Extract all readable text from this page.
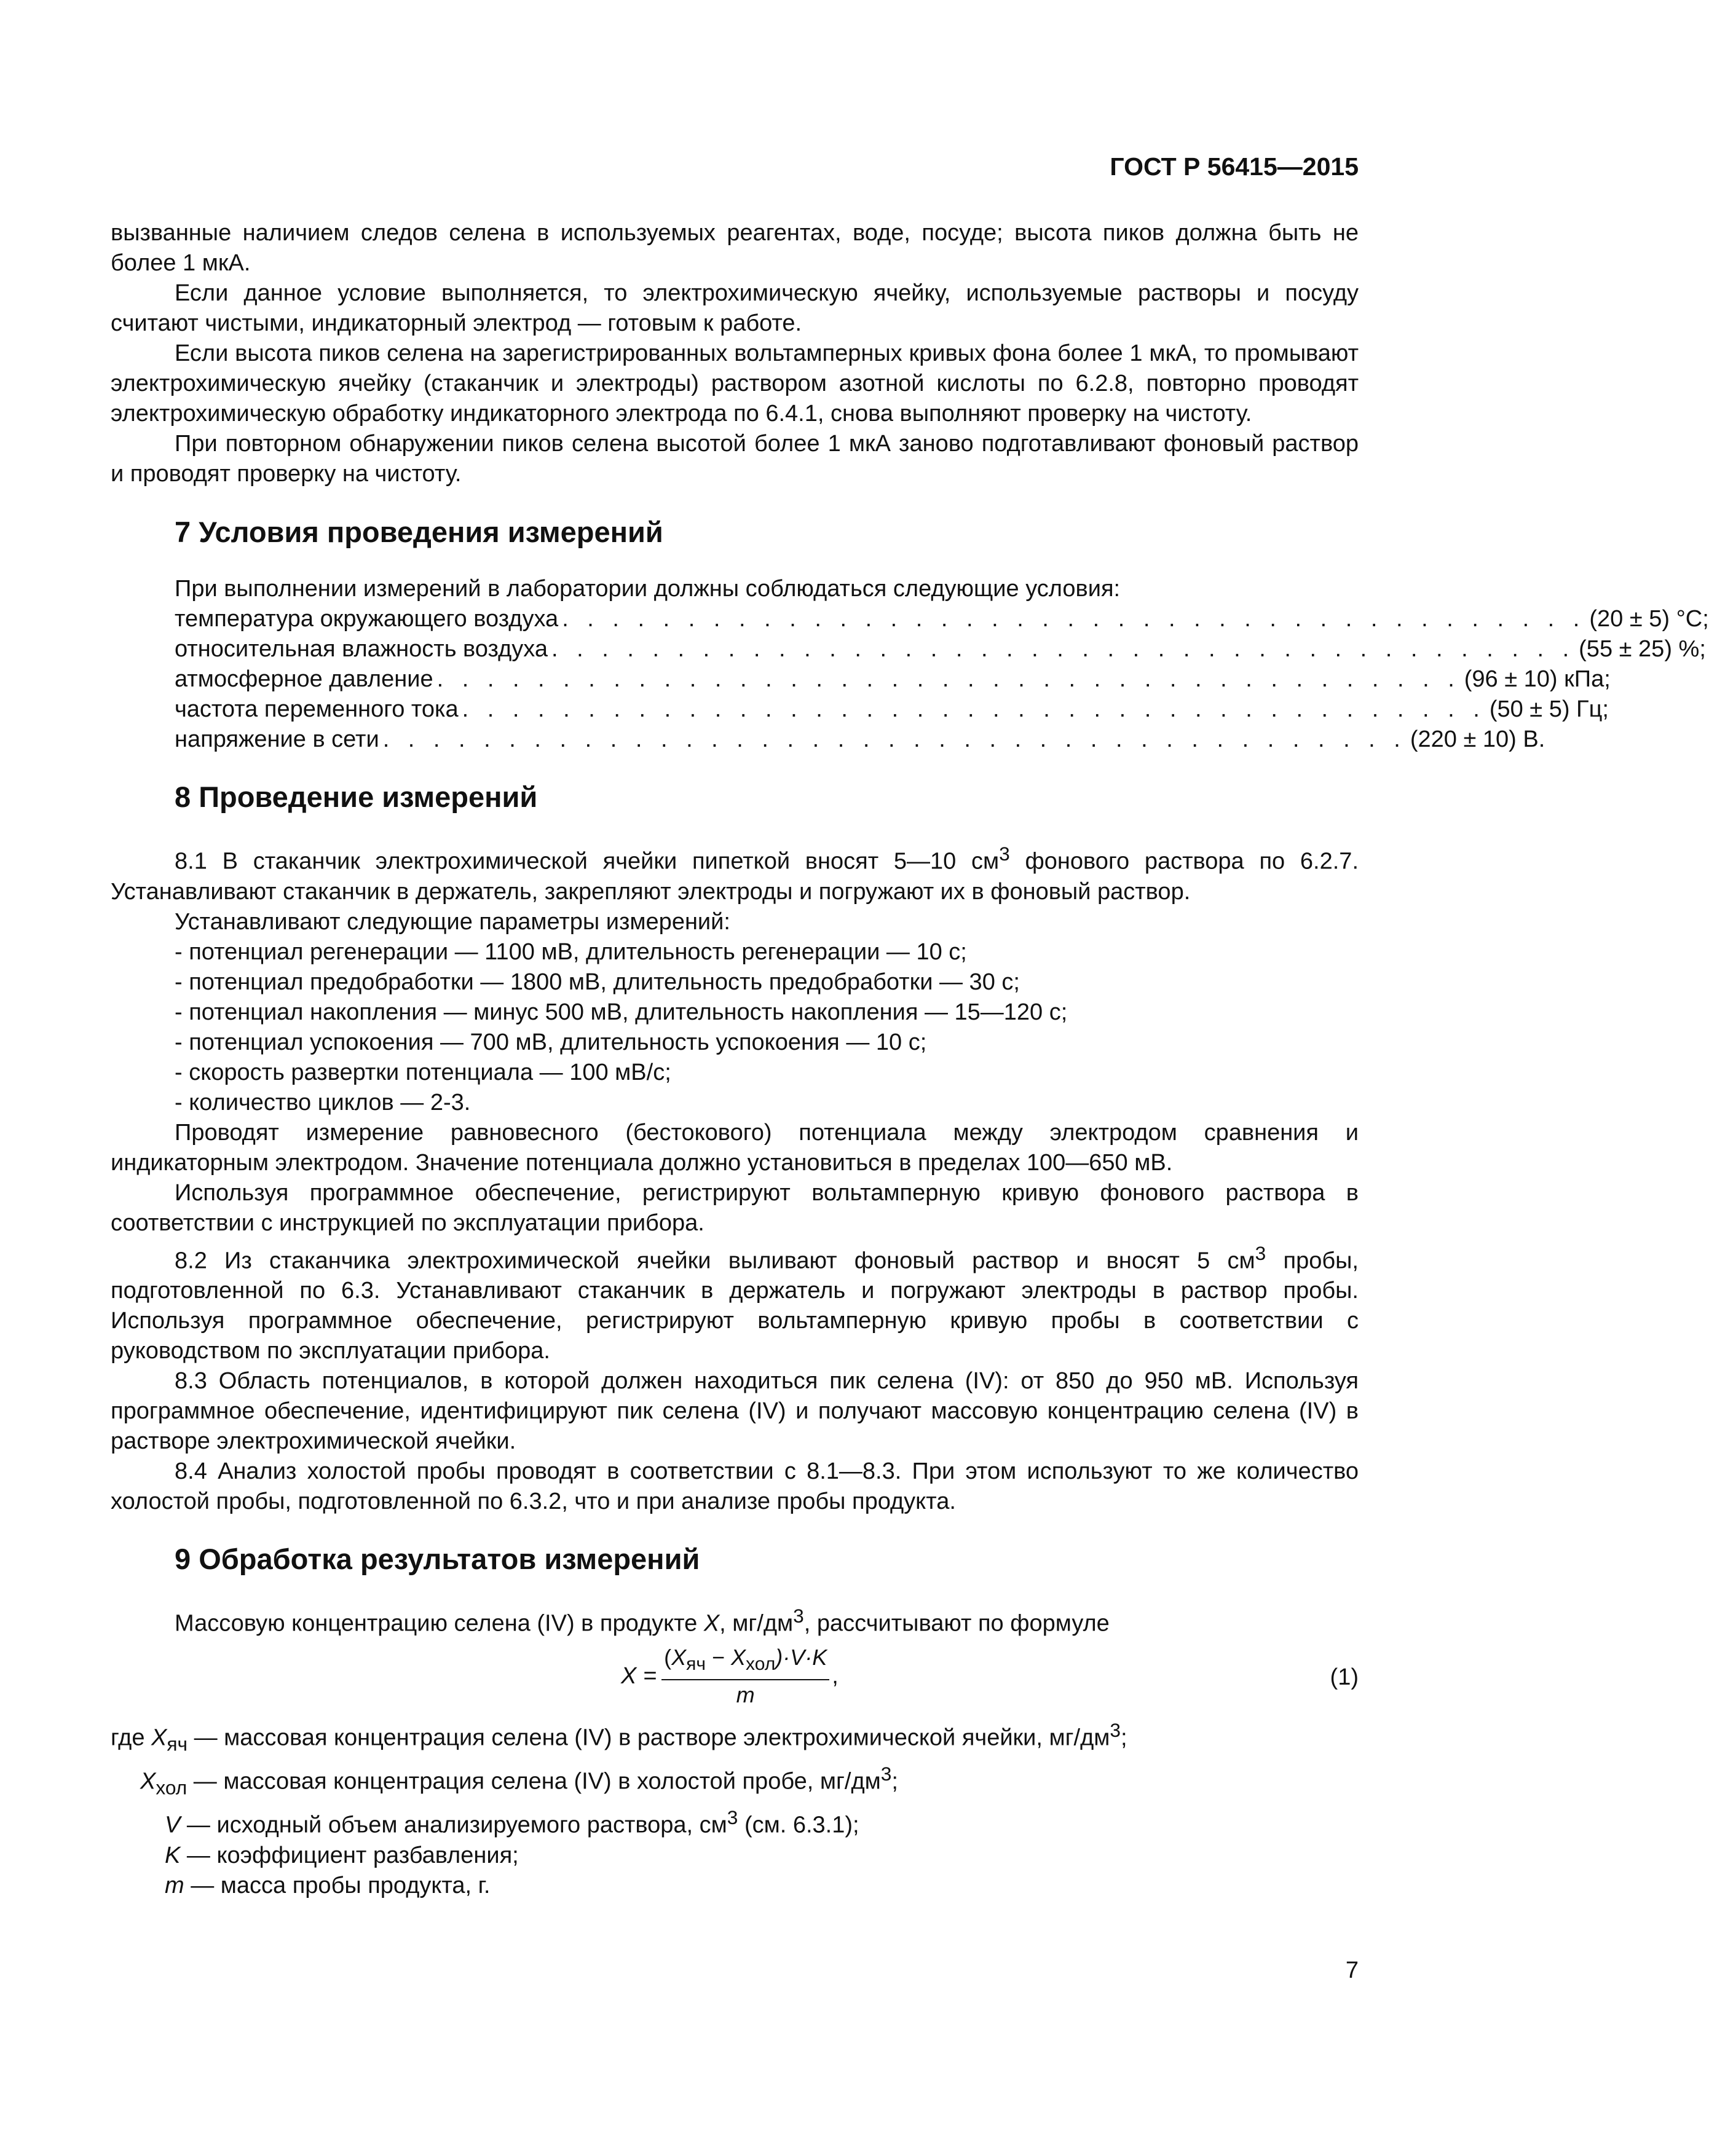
ГОСТ Р 56415—2015

вызванные наличием следов селена в используемых реагентах, воде, посуде; высота пиков должна быть не более 1 мкА.

Если данное условие выполняется, то электрохимическую ячейку, используемые растворы и посуду считают чистыми, индикаторный электрод — готовым к работе.

Если высота пиков селена на зарегистрированных вольтамперных кривых фона более 1 мкА, то промывают электрохимическую ячейку (стаканчик и электроды) раствором азотной кислоты по 6.2.8, повторно проводят электрохимическую обработку индикаторного электрода по 6.4.1, снова выполняют проверку на чистоту.

При повторном обнаружении пиков селена высотой более 1 мкА заново подготавливают фоновый раствор и проводят проверку на чистоту.

7 Условия проведения измерений
При выполнении измерений в лаборатории должны соблюдаться следующие условия:
температура окружающего воздуха . . . . . . . . . . . . . . . . . . . . . . . . . . . . . . . . . . . . . . . . . (20 ± 5) °С;
относительная влажность воздуха . . . . . . . . . . . . . . . . . . . . . . . . . . . . . . . . . . . . . . . . . (55 ± 25) %;
атмосферное давление . . . . . . . . . . . . . . . . . . . . . . . . . . . . . . . . . . . . . . . . . (96 ± 10) кПа;
частота переменного тока . . . . . . . . . . . . . . . . . . . . . . . . . . . . . . . . . . . . . . . . . (50 ± 5) Гц;
напряжение в сети . . . . . . . . . . . . . . . . . . . . . . . . . . . . . . . . . . . . . . . . . (220 ± 10) В.
8 Проведение измерений

8.1 В стаканчик электрохимической ячейки пипеткой вносят 5—10 $см^3$ фонового раствора по 6.2.7. Устанавливают стаканчик в держатель, закрепляют электроды и погружают их в фоновый раствор.

Устанавливают следующие параметры измерений:

- потенциал регенерации — 1100 мВ, длительность регенерации — 10 с;

- потенциал предобработки — 1800 мВ, длительность предобработки — 30 с;

- потенциал накопления — минус 500 мВ, длительность накопления — 15—120 с;

- потенциал успокоения — 700 мВ, длительность успокоения — 10 с;

- скорость развертки потенциала — 100 мВ/с;

- количество циклов — 2-3.

Проводят измерение равновесного (бестокового) потенциала между электродом сравнения и индикаторным электродом. Значение потенциала должно установиться в пределах 100—650 мВ.

Используя программное обеспечение, регистрируют вольтамперную кривую фонового раствора в соответствии с инструкцией по эксплуатации прибора.

8.2 Из стаканчика электрохимической ячейки выливают фоновый раствор и вносят 5 $см^3$ пробы, подготовленной по 6.3. Устанавливают стаканчик в держатель и погружают электроды в раствор пробы. Используя программное обеспечение, регистрируют вольтамперную кривую пробы в соответствии с руководством по эксплуатации прибора.

8.3 Область потенциалов, в которой должен находиться пик селена (IV): от 850 до 950 мВ. Используя программное обеспечение, идентифицируют пик селена (IV) и получают массовую концентрацию селена (IV) в растворе электрохимической ячейки.

8.4 Анализ холостой пробы проводят в соответствии с 8.1—8.3. При этом используют то же количество холостой пробы, подготовленной по 6.3.2, что и при анализе пробы продукта.

9 Обработка результатов измерений

Массовую концентрацию селена (IV) в продукте X, $мг/дм^3$, рассчитывают по формуле

$X = \frac{(X_{яч} - X_{хол})\cdot V\cdot K}{m}$ ,	(1)

где $X_{яч}$ — массовая концентрация селена (IV) в растворе электрохимической ячейки, $мг/дм^3$;

$X_{хол}$ — массовая концентрация селена (IV) в холостой пробе, $мг/дм^3$;

V — исходный объем анализируемого раствора, $см^3$ (см. 6.3.1);

K — коэффициент разбавления;

m — масса пробы продукта, г.

7
